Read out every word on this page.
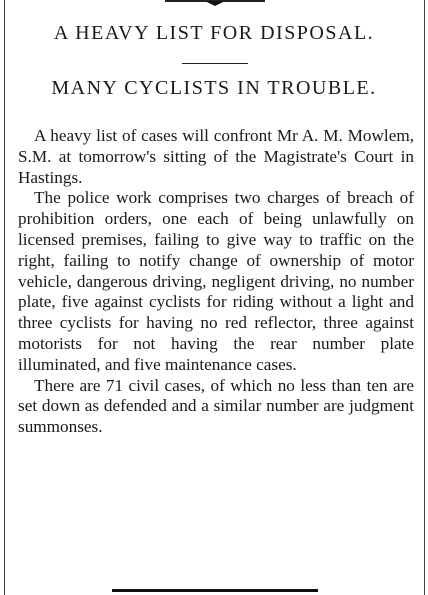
A HEAVY LIST FOR DISPOSAL.
MANY CYCLISTS IN TROUBLE.

A heavy list of cases will confront Mr A. M. Mowlem, S.M. at tomorrow's sitting of the Magistrate's Court in Hastings.

The police work comprises two charges of breach of prohibition orders, one each of being unlawfully on licensed premises, failing to give way to traffic on the right, failing to notify change of ownership of motor vehicle, dangerous driving, negligent driving, no number plate, five against cyclists for riding without a light and three cyclists for having no red reflector, three against motorists for not having the rear number plate illuminated, and five maintenance cases.

There are 71 civil cases, of which no less than ten are set down as defended and a similar number are judgment summonses.
